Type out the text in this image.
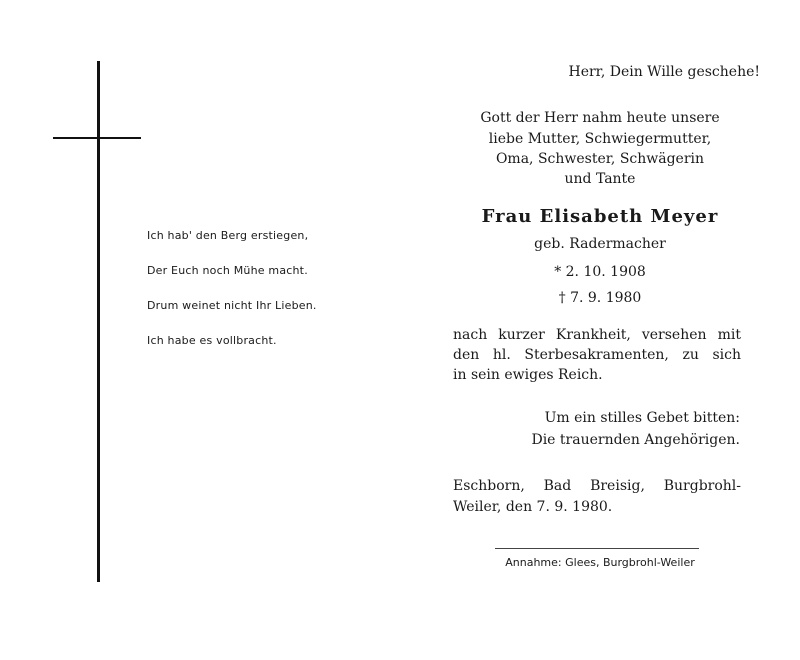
Ich hab' den Berg erstiegen,
Der Euch noch Mühe macht.
Drum weinet nicht Ihr Lieben.
Ich habe es vollbracht.
Herr, Dein Wille geschehe!
Gott der Herr nahm heute unsere
liebe Mutter, Schwiegermutter,
Oma, Schwester, Schwägerin
und Tante
Frau Elisabeth Meyer
geb. Radermacher
* 2. 10. 1908
† 7. 9. 1980
nach kurzer Krankheit, versehen mit
den hl. Sterbesakramenten, zu sich
in sein ewiges Reich.
Um ein stilles Gebet bitten:
Die trauernden Angehörigen.
Eschborn, Bad Breisig, Burgbrohl-
Weiler, den 7. 9. 1980.
Annahme: Glees, Burgbrohl-Weiler
